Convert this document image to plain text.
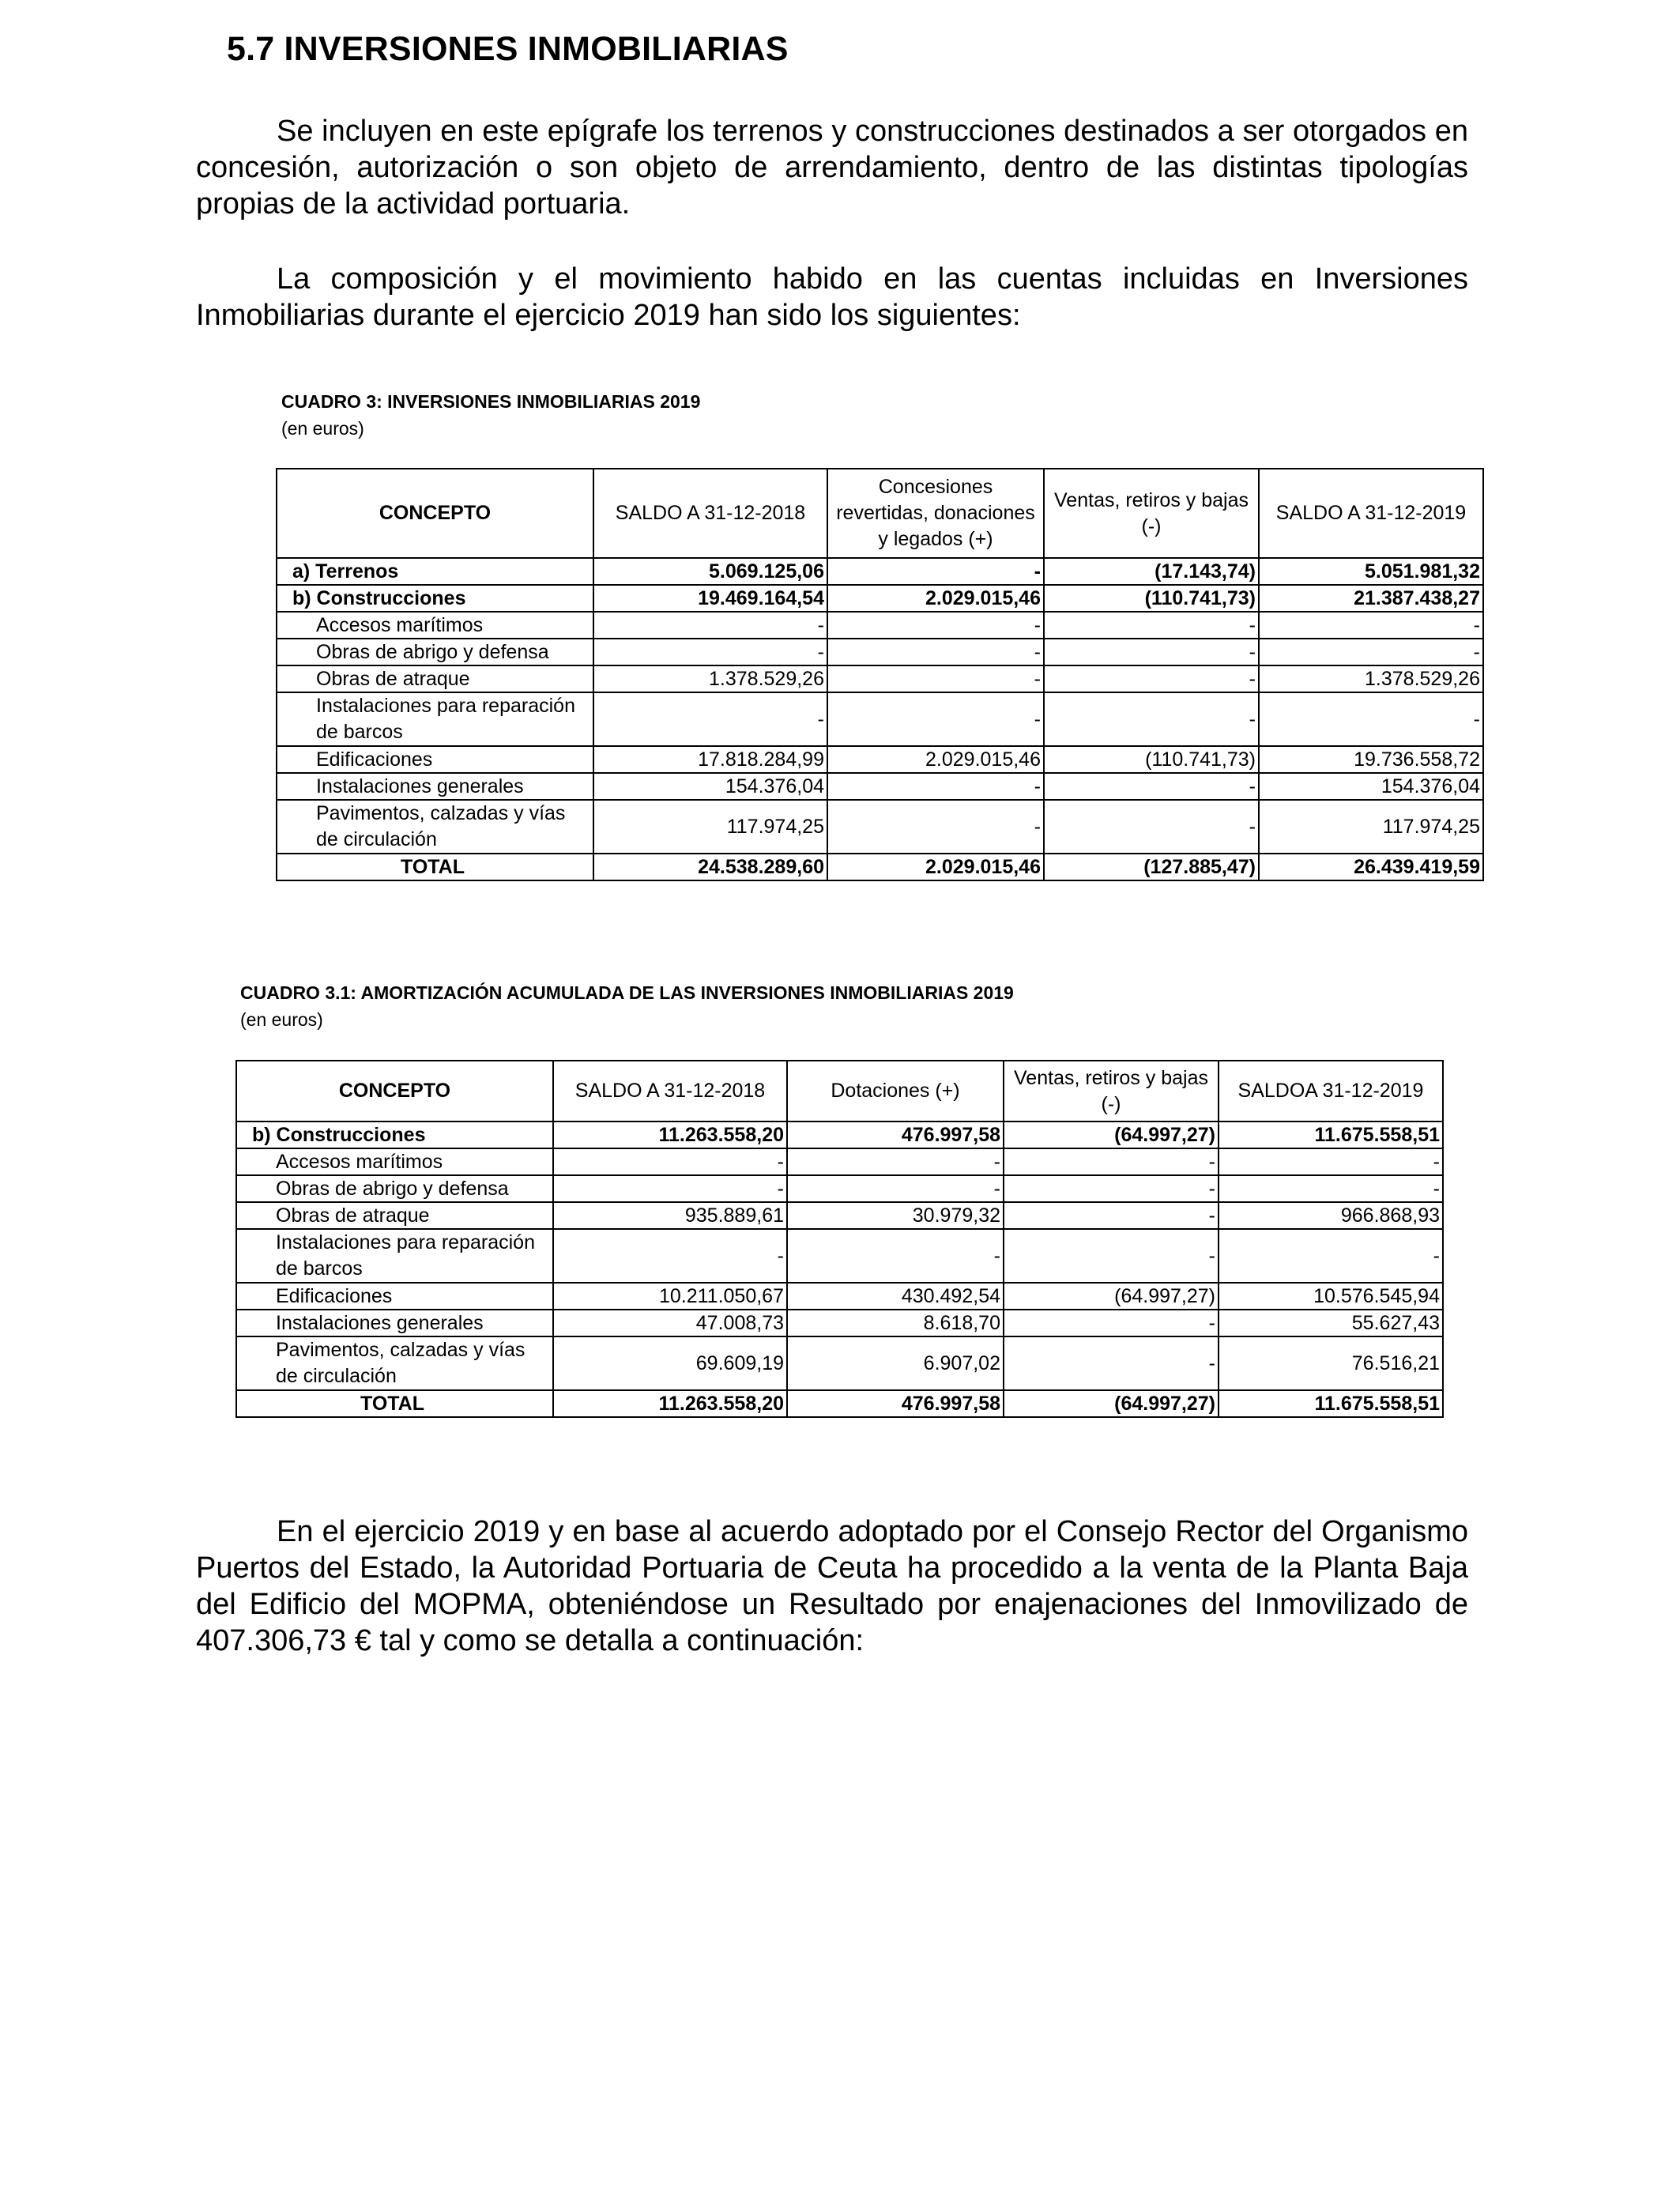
5.7 INVERSIONES INMOBILIARIAS

Se incluyen en este epígrafe los terrenos y construcciones destinados a ser otorgados en concesión, autorización o son objeto de arrendamiento, dentro de las distintas tipologías propias de la actividad portuaria.

La composición y el movimiento habido en las cuentas incluidas en Inversiones Inmobiliarias durante el ejercicio 2019 han sido los siguientes:

CUADRO 3: INVERSIONES INMOBILIARIAS 2019
(en euros)
CONCEPTO	SALDO A 31-12-2018	Concesiones revertidas, donaciones y legados (+)	Ventas, retiros y bajas (-)	SALDO A 31-12-2019
a) Terrenos	5.069.125,06	-	(17.143,74)	5.051.981,32
b) Construcciones	19.469.164,54	2.029.015,46	(110.741,73)	21.387.438,27
Accesos marítimos	-	-	-	-
Obras de abrigo y defensa	-	-	-	-
Obras de atraque	1.378.529,26	-	-	1.378.529,26
Instalaciones para reparación de barcos	-	-	-	-
Edificaciones	17.818.284,99	2.029.015,46	(110.741,73)	19.736.558,72
Instalaciones generales	154.376,04	-	-	154.376,04
Pavimentos, calzadas y vías de circulación	117.974,25	-	-	117.974,25
TOTAL	24.538.289,60	2.029.015,46	(127.885,47)	26.439.419,59
CUADRO 3.1: AMORTIZACIÓN ACUMULADA DE LAS INVERSIONES INMOBILIARIAS 2019
(en euros)
CONCEPTO	SALDO A 31-12-2018	Dotaciones (+)	Ventas, retiros y bajas (-)	SALDOA 31-12-2019
b) Construcciones	11.263.558,20	476.997,58	(64.997,27)	11.675.558,51
Accesos marítimos	-	-	-	-
Obras de abrigo y defensa	-	-	-	-
Obras de atraque	935.889,61	30.979,32	-	966.868,93
Instalaciones para reparación de barcos	-	-	-	-
Edificaciones	10.211.050,67	430.492,54	(64.997,27)	10.576.545,94
Instalaciones generales	47.008,73	8.618,70	-	55.627,43
Pavimentos, calzadas y vías de circulación	69.609,19	6.907,02	-	76.516,21
TOTAL	11.263.558,20	476.997,58	(64.997,27)	11.675.558,51

En el ejercicio 2019 y en base al acuerdo adoptado por el Consejo Rector del Organismo Puertos del Estado, la Autoridad Portuaria de Ceuta ha procedido a la venta de la Planta Baja del Edificio del MOPMA, obteniéndose un Resultado por enajenaciones del Inmovilizado de 407.306,73 € tal y como se detalla a continuación:
